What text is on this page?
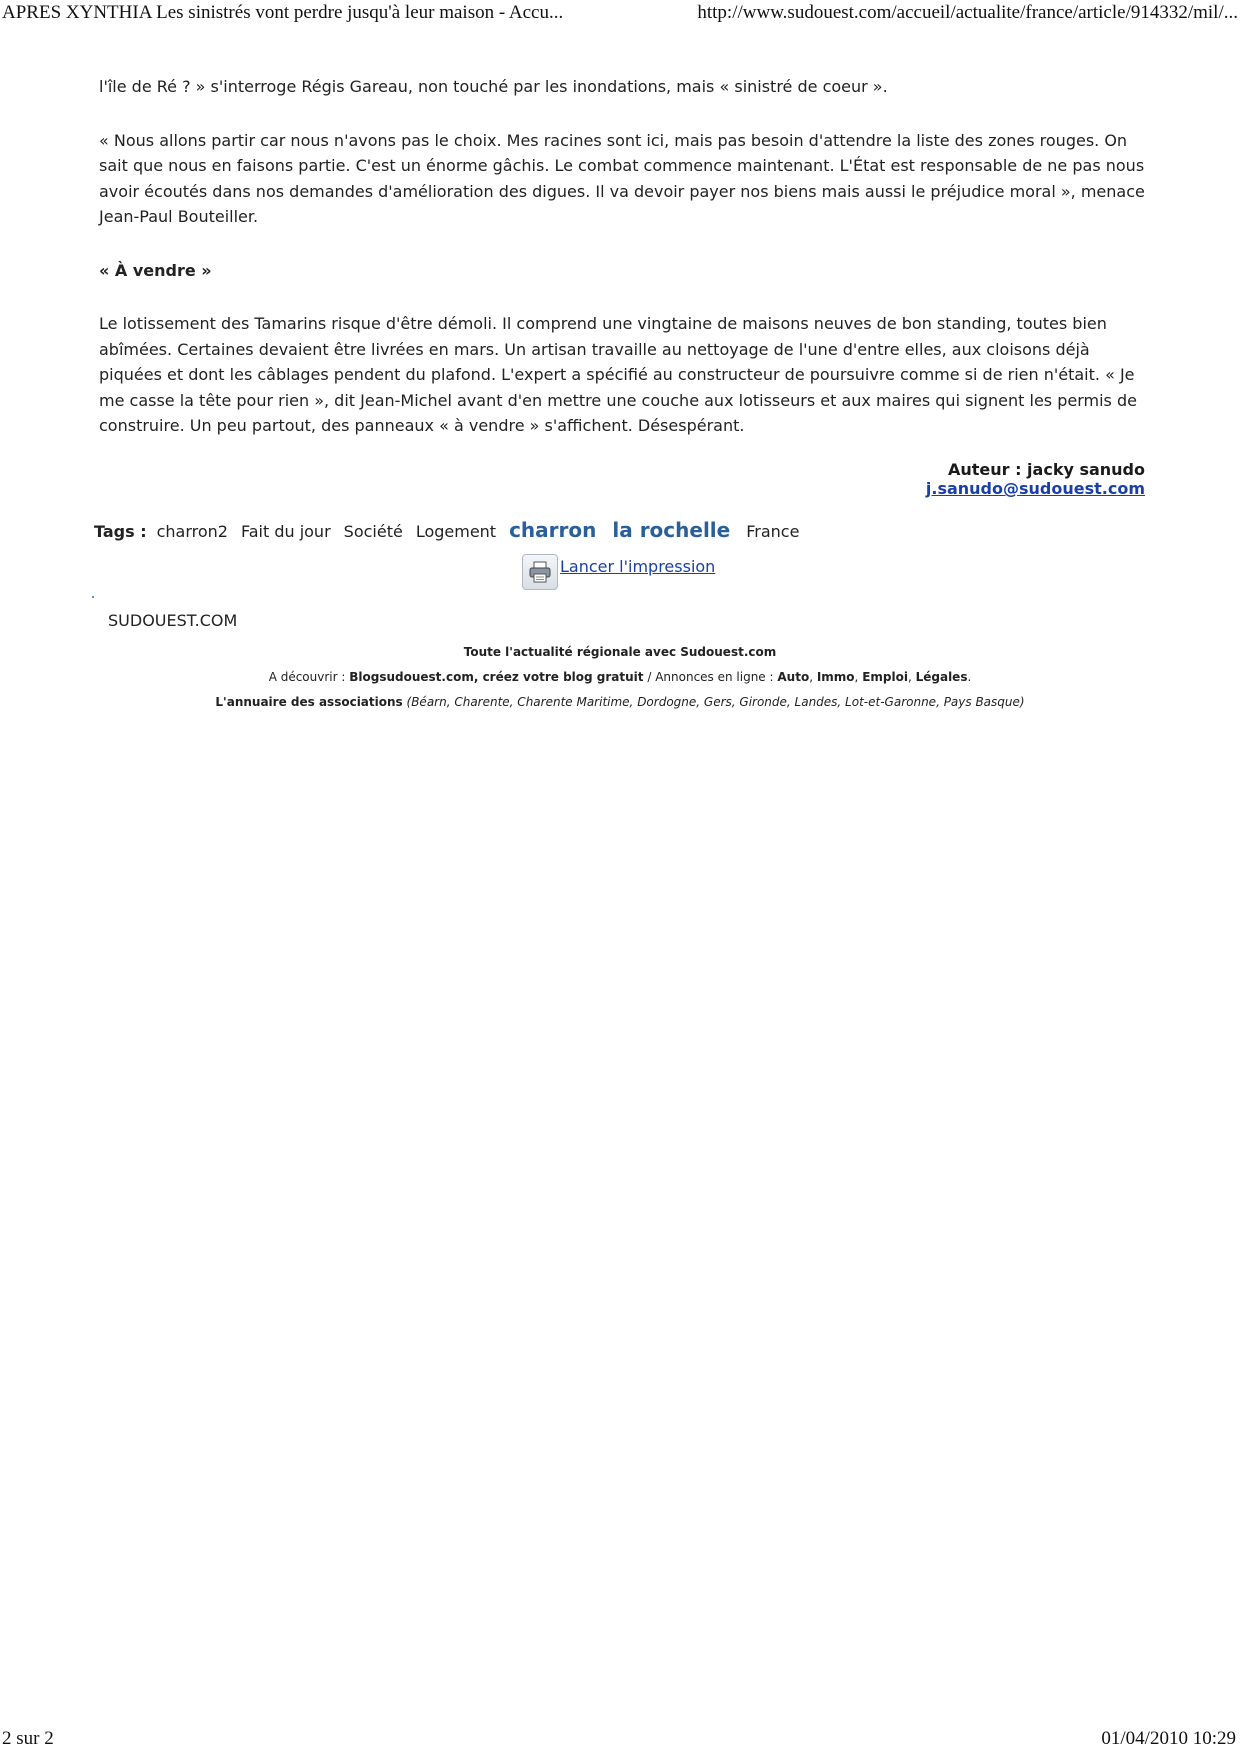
APRES XYNTHIA Les sinistrés vont perdre jusqu'à leur maison - Accu...	http://www.sudouest.com/accueil/actualite/france/article/914332/mil/...

l'île de Ré ? » s'interroge Régis Gareau, non touché par les inondations, mais « sinistré de coeur ».

« Nous allons partir car nous n'avons pas le choix. Mes racines sont ici, mais pas besoin d'attendre la liste des zones rouges. On sait que nous en faisons partie. C'est un énorme gâchis. Le combat commence maintenant. L'État est responsable de ne pas nous avoir écoutés dans nos demandes d'amélioration des digues. Il va devoir payer nos biens mais aussi le préjudice moral », menace Jean-Paul Bouteiller.

« À vendre »

Le lotissement des Tamarins risque d'être démoli. Il comprend une vingtaine de maisons neuves de bon standing, toutes bien abîmées. Certaines devaient être livrées en mars. Un artisan travaille au nettoyage de l'une d'entre elles, aux cloisons déjà piquées et dont les câblages pendent du plafond. L'expert a spécifié au constructeur de poursuivre comme si de rien n'était. « Je me casse la tête pour rien », dit Jean-Michel avant d'en mettre une couche aux lotisseurs et aux maires qui signent les permis de construire. Un peu partout, des panneaux « à vendre » s'affichent. Désespérant.

Auteur : jacky sanudo
j.sanudo@sudouest.com
Tags : charron2 Fait du jour Société Logement charron la rochelle France
Lancer l'impression
SUDOUEST.COM
Toute l'actualité régionale avec Sudouest.com
A découvrir : Blogsudouest.com, créez votre blog gratuit / Annonces en ligne : Auto, Immo, Emploi, Légales.
L'annuaire des associations (Béarn, Charente, Charente Maritime, Dordogne, Gers, Gironde, Landes, Lot-et-Garonne, Pays Basque)
2 sur 2	01/04/2010 10:29
